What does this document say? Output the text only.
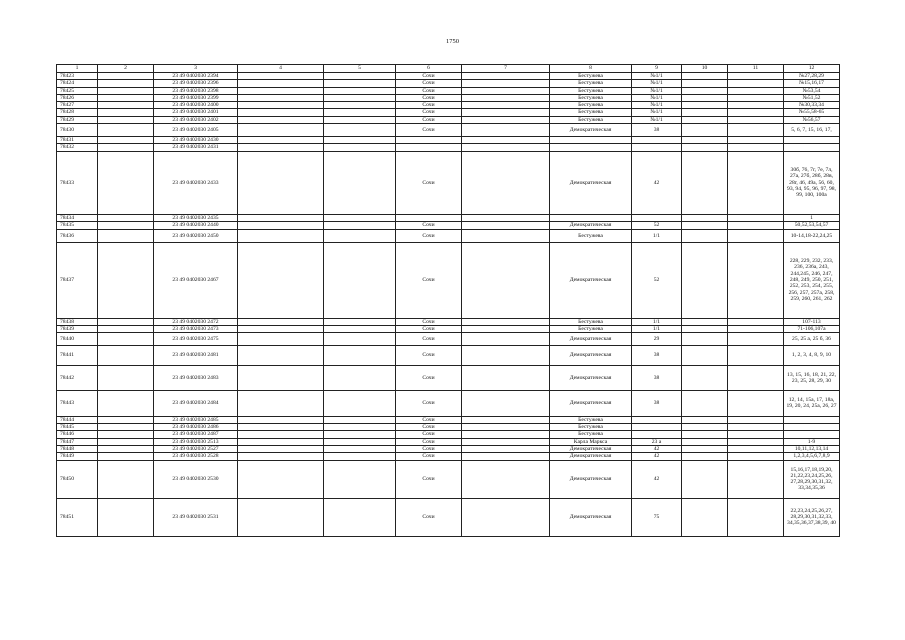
1750
1	2	3	4	5	6	7	8	9	10	11	12
78423		23 49 0402030 2394			Сочи		Бестужева	№1/1			№27,28,29
78424		23 49 0402030 2396			Сочи		Бестужева	№1/1			№15,16,17
78425		23 49 0402030 2398			Сочи		Бестужева	№1/1			№53,54
78426		23 49 0402030 2399			Сочи		Бестужева	№1/1			№51,52
78427		23 49 0402030 2400			Сочи		Бестужева	№1/1			№30,33,34
78428		23 49 0402030 2401			Сочи		Бестужева	№1/1			№55,58-65
78429		23 49 0402030 2402			Сочи		Бестужева	№1/1			№56,57
78430		23 49 0402030 2405			Сочи		Демократическая	38			5, 6, 7, 15, 16, 17,
78431		23 49 0402030 2430									
78432		23 49 0402030 2431									
78433		23 49 0402030 2433			Сочи		Демократическая	42			30б, 76, 7г, 7е, 7л, 27а, 27б, 28б, 28в, 28г, 46, 49а, 56, 60, 93, 94, 95, 96, 97, 98, 99, 100, 100а
78434		23 49 0402030 2435									1
78435		23 49 0402030 2440			Сочи		Демократическая	52			50,52,53,54,57
78436		23 49 0402030 2450			Сочи		Бестужева	1/1			10-14,18-22,24,25
78437		23 49 0402030 2467			Сочи		Демократическая	52			228, 229, 232, 233, 236, 236а, 243, 244,245, 246, 247, 248, 249, 250, 251, 252, 253, 254, 255, 256, 257, 257а, 258, 259, 260, 261, 262
78438		23 49 0402030 2472			Сочи		Бестужева	1/1			107-113
78439		23 49 0402030 2473			Сочи		Бестужева	1/1			71-106,107а
78440		23 49 0402030 2475			Сочи		Демократическая	29			25, 25 а, 25 б, 36
78441		23 49 0402030 2481			Сочи		Демократическая	38			1, 2, 3, 4, 8, 9, 10
78442		23 49 0402030 2483			Сочи		Демократическая	38			13, 15, 16, 18, 21, 22, 23, 25, 28, 29, 30
78443		23 49 0402030 2484			Сочи		Демократическая	38			12, 14, 15а, 17, 18а, 19, 20, 24, 25а, 26, 27
78444		23 49 0402030 2485			Сочи		Бестужева				
78445		23 49 0402030 2486			Сочи		Бестужева				
78446		23 49 0402030 2487			Сочи		Бестужева				
78447		23 49 0402030 2513			Сочи		Карла Маркса	23 а			1-9
78448		23 49 0402030 2527			Сочи		Демократическая	42			10,11,12,13,14
78449		23 49 0402030 2528			Сочи		Демократическая	42			1,2,3,4,5,6,7,8,9
78450		23 49 0402030 2530			Сочи		Демократическая	42			15,16,17,18,19,20, 21,22,23,24,25,26, 27,28,29,30,31,32, 33,34,35,36
78451		23 49 0402030 2531			Сочи		Демократическая	75			22,23,24,25,26,27, 28,29,30,31,32,33, 34,35,36,37,38,39, 40
